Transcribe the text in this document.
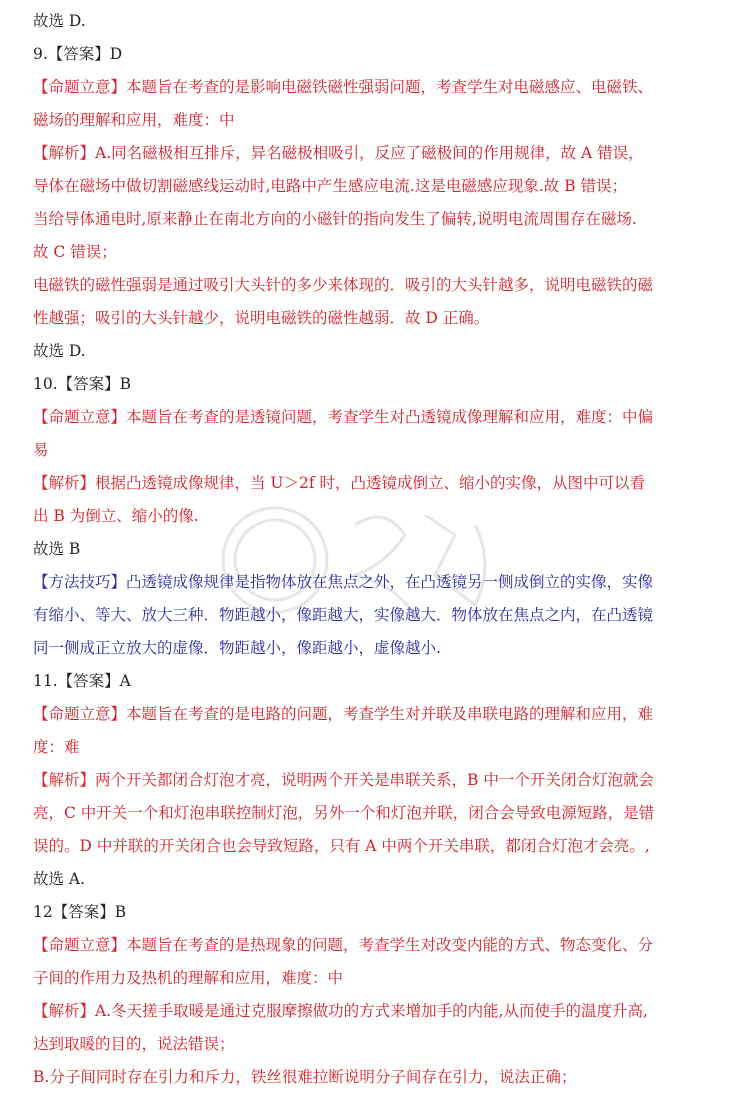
故选 D.
9.【答案】D
【命题立意】本题旨在考查的是影响电磁铁磁性强弱问题，考查学生对电磁感应、电磁铁、
磁场的理解和应用，难度：中
【解析】A.同名磁极相互排斥，异名磁极相吸引，反应了磁极间的作用规律，故 A 错误，
导体在磁场中做切割磁感线运动时,电路中产生感应电流.这是电磁感应现象.故 B 错误；
当给导体通电时,原来静止在南北方向的小磁针的指向发生了偏转,说明电流周围存在磁场.
故 C 错误；
电磁铁的磁性强弱是通过吸引大头针的多少来体现的．吸引的大头针越多，说明电磁铁的磁
性越强；吸引的大头针越少，说明电磁铁的磁性越弱．故 D 正确。
故选 D.
10.【答案】B
【命题立意】本题旨在考查的是透镜问题，考查学生对凸透镜成像理解和应用，难度：中偏
易
【解析】根据凸透镜成像规律，当 U＞2f 时，凸透镜成倒立、缩小的实像，从图中可以看
出 B 为倒立、缩小的像.
故选 B
【方法技巧】凸透镜成像规律是指物体放在焦点之外，在凸透镜另一侧成倒立的实像，实像
有缩小、等大、放大三种．物距越小，像距越大，实像越大．物体放在焦点之内，在凸透镜
同一侧成正立放大的虚像．物距越小，像距越小，虚像越小.
11.【答案】A
【命题立意】本题旨在考查的是电路的问题，考查学生对并联及串联电路的理解和应用，难
度：难
【解析】两个开关都闭合灯泡才亮，说明两个开关是串联关系，B 中一个开关闭合灯泡就会
亮，C 中开关一个和灯泡串联控制灯泡，另外一个和灯泡并联，闭合会导致电源短路，是错
误的。D 中并联的开关闭合也会导致短路，只有 A 中两个开关串联，都闭合灯泡才会亮。,
故选 A.
12【答案】B
【命题立意】本题旨在考查的是热现象的问题，考查学生对改变内能的方式、物态变化、分
子间的作用力及热机的理解和应用，难度：中
【解析】A.冬天搓手取暖是通过克服摩擦做功的方式来增加手的内能,从而使手的温度升高,
达到取暖的目的，说法错误；
B.分子间同时存在引力和斥力，铁丝很难拉断说明分子间存在引力，说法正确；
